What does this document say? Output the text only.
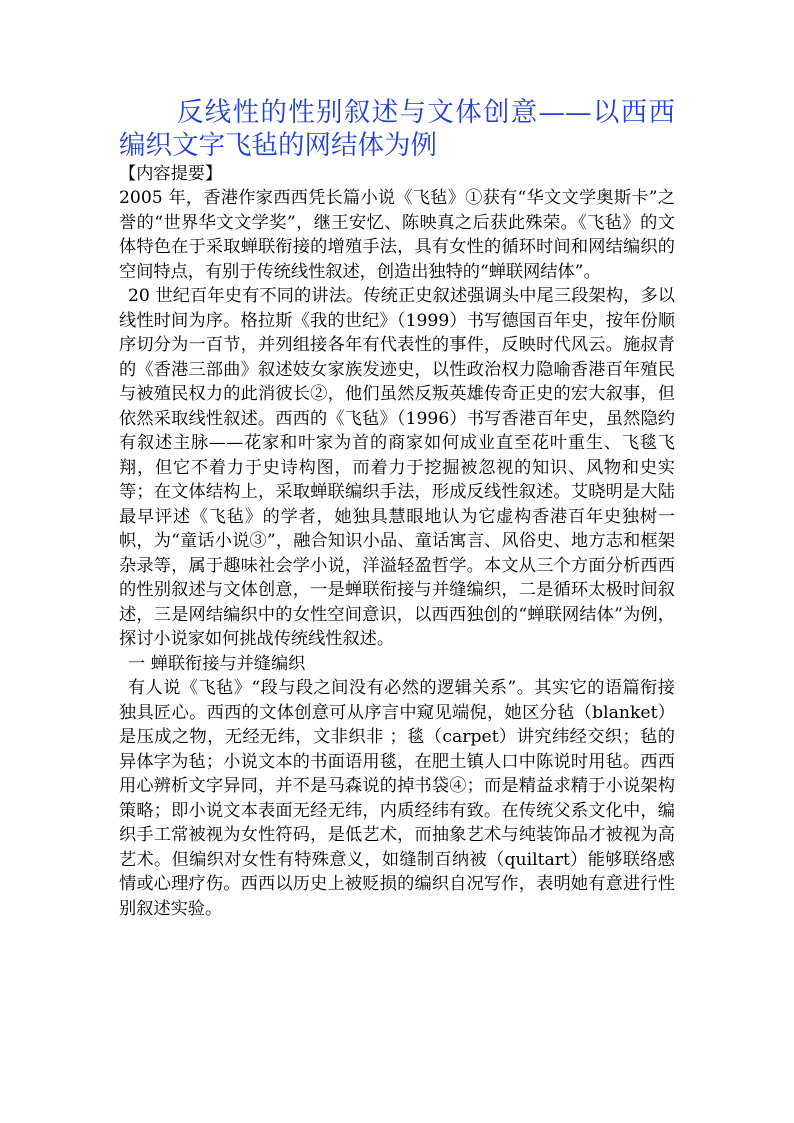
反线性的性别叙述与文体创意——以西西编织文字飞毡的网结体为例

【内容提要】

2005 年，香港作家西西凭长篇小说《飞毡》①获有“华文文学奥斯卡”之誉的“世界华文文学奖”，继王安忆、陈映真之后获此殊荣。《飞毡》的文体特色在于采取蝉联衔接的增殖手法，具有女性的循环时间和网结编织的空间特点，有别于传统线性叙述，创造出独特的“蝉联网结体”。

20 世纪百年史有不同的讲法。传统正史叙述强调头中尾三段架构，多以线性时间为序。格拉斯《我的世纪》（1999）书写德国百年史，按年份顺序切分为一百节，并列组接各年有代表性的事件，反映时代风云。施叔青的《香港三部曲》叙述妓女家族发迹史，以性政治权力隐喻香港百年殖民与被殖民权力的此消彼长②，他们虽然反叛英雄传奇正史的宏大叙事，但依然采取线性叙述。西西的《飞毡》（1996）书写香港百年史，虽然隐约有叙述主脉——花家和叶家为首的商家如何成业直至花叶重生、飞毯飞翔，但它不着力于史诗构图，而着力于挖掘被忽视的知识、风物和史实等；在文体结构上，采取蝉联编织手法，形成反线性叙述。艾晓明是大陆最早评述《飞毡》的学者，她独具慧眼地认为它虚构香港百年史独树一帜，为“童话小说③”，融合知识小品、童话寓言、风俗史、地方志和框架杂录等，属于趣味社会学小说，洋溢轻盈哲学。本文从三个方面分析西西的性别叙述与文体创意，一是蝉联衔接与并缝编织，二是循环太极时间叙述，三是网结编织中的女性空间意识，以西西独创的“蝉联网结体”为例，探讨小说家如何挑战传统线性叙述。

一 蝉联衔接与并缝编织

有人说《飞毡》“段与段之间没有必然的逻辑关系”。其实它的语篇衔接独具匠心。西西的文体创意可从序言中窥见端倪，她区分毡（blanket）是压成之物，无经无纬，文非织非 ；毯（carpet）讲究纬经交织；毡的异体字为毡；小说文本的书面语用毯，在肥土镇人口中陈说时用毡。西西用心辨析文字异同，并不是马森说的掉书袋④；而是精益求精于小说架构策略；即小说文本表面无经无纬，内质经纬有致。在传统父系文化中，编织手工常被视为女性符码，是低艺术，而抽象艺术与纯装饰品才被视为高艺术。但编织对女性有特殊意义，如缝制百纳被（quiltart）能够联络感情或心理疗伤。西西以历史上被贬损的编织自况写作，表明她有意进行性别叙述实验。
